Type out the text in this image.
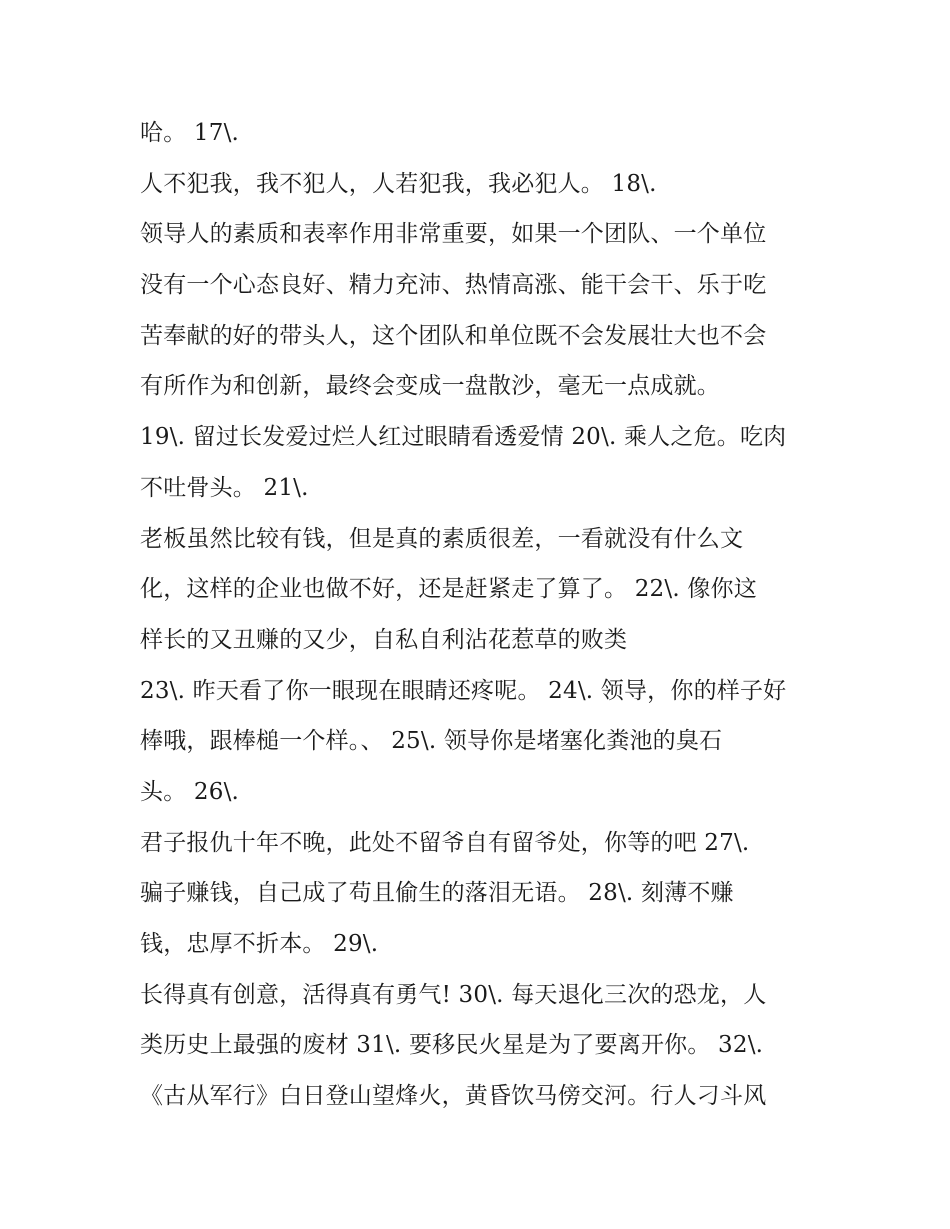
哈。 17\.
人不犯我，我不犯人，人若犯我，我必犯人。 18\.
领导人的素质和表率作用非常重要，如果一个团队、一个单位
没有一个心态良好、精力充沛、热情高涨、能干会干、乐于吃
苦奉献的好的带头人，这个团队和单位既不会发展壮大也不会
有所作为和创新，最终会变成一盘散沙，毫无一点成就。
19\. 留过长发爱过烂人红过眼睛看透爱情 20\. 乘人之危。吃肉
不吐骨头。 21\.
老板虽然比较有钱，但是真的素质很差，一看就没有什么文
化，这样的企业也做不好，还是赶紧走了算了。 22\. 像你这
样长的又丑赚的又少，自私自利沾花惹草的败类
23\. 昨天看了你一眼现在眼睛还疼呢。 24\. 领导，你的样子好
棒哦，跟棒槌一个样。、 25\. 领导你是堵塞化粪池的臭石
头。 26\.
君子报仇十年不晚，此处不留爷自有留爷处，你等的吧 27\.
骗子赚钱，自己成了苟且偷生的落泪无语。 28\. 刻薄不赚
钱，忠厚不折本。 29\.
长得真有创意，活得真有勇气! 30\. 每天退化三次的恐龙，人
类历史上最强的废材 31\. 要移民火星是为了要离开你。 32\.
《古从军行》白日登山望烽火，黄昏饮马傍交河。行人刁斗风
